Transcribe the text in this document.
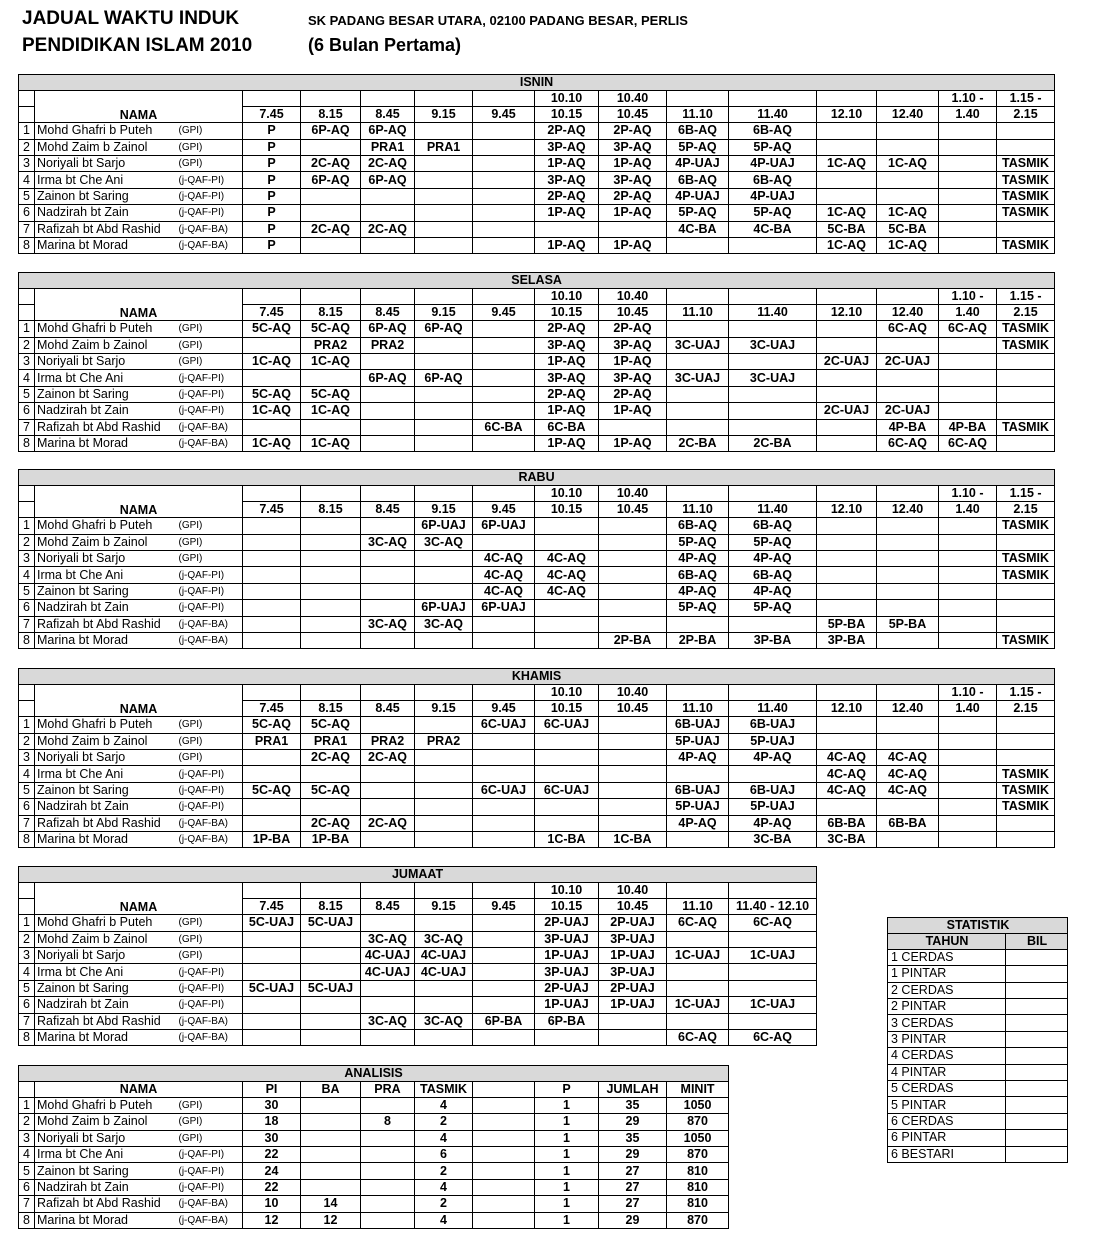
JADUAL WAKTU INDUK
PENDIDIKAN ISLAM 2010
SK PADANG BESAR UTARA, 02100 PADANG BESAR, PERLIS
(6 Bulan Pertama)
ISNIN															
	NAMA							10.10	10.40					1.10 -	1.15 -
			7.45	8.15	8.45	9.15	9.45	10.15	10.45	11.10	11.40	12.10	12.40	1.40	2.15
1	Mohd Ghafri b Puteh	(GPI)	P	6P-AQ	6P-AQ			2P-AQ	2P-AQ	6B-AQ	6B-AQ				
2	Mohd Zaim b Zainol	(GPI)	P		PRA1	PRA1		3P-AQ	3P-AQ	5P-AQ	5P-AQ				
3	Noriyali bt Sarjo	(GPI)	P	2C-AQ	2C-AQ			1P-AQ	1P-AQ	4P-UAJ	4P-UAJ	1C-AQ	1C-AQ		TASMIK
4	Irma bt Che Ani	(j-QAF-PI)	P	6P-AQ	6P-AQ			3P-AQ	3P-AQ	6B-AQ	6B-AQ				TASMIK
5	Zainon bt Saring	(j-QAF-PI)	P					2P-AQ	2P-AQ	4P-UAJ	4P-UAJ				TASMIK
6	Nadzirah bt Zain	(j-QAF-PI)	P					1P-AQ	1P-AQ	5P-AQ	5P-AQ	1C-AQ	1C-AQ		TASMIK
7	Rafizah bt Abd Rashid	(j-QAF-BA)	P	2C-AQ	2C-AQ					4C-BA	4C-BA	5C-BA	5C-BA		
8	Marina bt Morad	(j-QAF-BA)	P					1P-AQ	1P-AQ			1C-AQ	1C-AQ		TASMIK
SELASA															
	NAMA							10.10	10.40					1.10 -	1.15 -
			7.45	8.15	8.45	9.15	9.45	10.15	10.45	11.10	11.40	12.10	12.40	1.40	2.15
1	Mohd Ghafri b Puteh	(GPI)	5C-AQ	5C-AQ	6P-AQ	6P-AQ		2P-AQ	2P-AQ				6C-AQ	6C-AQ	TASMIK
2	Mohd Zaim b Zainol	(GPI)		PRA2	PRA2			3P-AQ	3P-AQ	3C-UAJ	3C-UAJ				TASMIK
3	Noriyali bt Sarjo	(GPI)	1C-AQ	1C-AQ				1P-AQ	1P-AQ			2C-UAJ	2C-UAJ		
4	Irma bt Che Ani	(j-QAF-PI)			6P-AQ	6P-AQ		3P-AQ	3P-AQ	3C-UAJ	3C-UAJ				
5	Zainon bt Saring	(j-QAF-PI)	5C-AQ	5C-AQ				2P-AQ	2P-AQ						
6	Nadzirah bt Zain	(j-QAF-PI)	1C-AQ	1C-AQ				1P-AQ	1P-AQ			2C-UAJ	2C-UAJ		
7	Rafizah bt Abd Rashid	(j-QAF-BA)					6C-BA	6C-BA					4P-BA	4P-BA	TASMIK
8	Marina bt Morad	(j-QAF-BA)	1C-AQ	1C-AQ				1P-AQ	1P-AQ	2C-BA	2C-BA		6C-AQ	6C-AQ	
RABU															
	NAMA							10.10	10.40					1.10 -	1.15 -
			7.45	8.15	8.45	9.15	9.45	10.15	10.45	11.10	11.40	12.10	12.40	1.40	2.15
1	Mohd Ghafri b Puteh	(GPI)				6P-UAJ	6P-UAJ			6B-AQ	6B-AQ				TASMIK
2	Mohd Zaim b Zainol	(GPI)			3C-AQ	3C-AQ				5P-AQ	5P-AQ				
3	Noriyali bt Sarjo	(GPI)					4C-AQ	4C-AQ		4P-AQ	4P-AQ				TASMIK
4	Irma bt Che Ani	(j-QAF-PI)					4C-AQ	4C-AQ		6B-AQ	6B-AQ				TASMIK
5	Zainon bt Saring	(j-QAF-PI)					4C-AQ	4C-AQ		4P-AQ	4P-AQ				
6	Nadzirah bt Zain	(j-QAF-PI)				6P-UAJ	6P-UAJ			5P-AQ	5P-AQ				
7	Rafizah bt Abd Rashid	(j-QAF-BA)			3C-AQ	3C-AQ						5P-BA	5P-BA		
8	Marina bt Morad	(j-QAF-BA)							2P-BA	2P-BA	3P-BA	3P-BA			TASMIK
KHAMIS															
	NAMA							10.10	10.40					1.10 -	1.15 -
			7.45	8.15	8.45	9.15	9.45	10.15	10.45	11.10	11.40	12.10	12.40	1.40	2.15
1	Mohd Ghafri b Puteh	(GPI)	5C-AQ	5C-AQ			6C-UAJ	6C-UAJ		6B-UAJ	6B-UAJ				
2	Mohd Zaim b Zainol	(GPI)	PRA1	PRA1	PRA2	PRA2				5P-UAJ	5P-UAJ				
3	Noriyali bt Sarjo	(GPI)		2C-AQ	2C-AQ					4P-AQ	4P-AQ	4C-AQ	4C-AQ		
4	Irma bt Che Ani	(j-QAF-PI)										4C-AQ	4C-AQ		TASMIK
5	Zainon bt Saring	(j-QAF-PI)	5C-AQ	5C-AQ			6C-UAJ	6C-UAJ		6B-UAJ	6B-UAJ	4C-AQ	4C-AQ		TASMIK
6	Nadzirah bt Zain	(j-QAF-PI)								5P-UAJ	5P-UAJ				TASMIK
7	Rafizah bt Abd Rashid	(j-QAF-BA)		2C-AQ	2C-AQ					4P-AQ	4P-AQ	6B-BA	6B-BA		
8	Marina bt Morad	(j-QAF-BA)	1P-BA	1P-BA				1C-BA	1C-BA		3C-BA	3C-BA			
JUMAAT											
	NAMA							10.10	10.40		
			7.45	8.15	8.45	9.15	9.45	10.15	10.45	11.10	11.40 - 12.10
1	Mohd Ghafri b Puteh	(GPI)	5C-UAJ	5C-UAJ				2P-UAJ	2P-UAJ	6C-AQ	6C-AQ
2	Mohd Zaim b Zainol	(GPI)			3C-AQ	3C-AQ		3P-UAJ	3P-UAJ		
3	Noriyali bt Sarjo	(GPI)			4C-UAJ	4C-UAJ		1P-UAJ	1P-UAJ	1C-UAJ	1C-UAJ
4	Irma bt Che Ani	(j-QAF-PI)			4C-UAJ	4C-UAJ		3P-UAJ	3P-UAJ		
5	Zainon bt Saring	(j-QAF-PI)	5C-UAJ	5C-UAJ				2P-UAJ	2P-UAJ		
6	Nadzirah bt Zain	(j-QAF-PI)						1P-UAJ	1P-UAJ	1C-UAJ	1C-UAJ
7	Rafizah bt Abd Rashid	(j-QAF-BA)			3C-AQ	3C-AQ	6P-BA	6P-BA			
8	Marina bt Morad	(j-QAF-BA)								6C-AQ	6C-AQ
ANALISIS										
	NAMA		PI	BA	PRA	TASMIK		P	JUMLAH	MINIT
1	Mohd Ghafri b Puteh	(GPI)	30			4		1	35	1050
2	Mohd Zaim b Zainol	(GPI)	18		8	2		1	29	870
3	Noriyali bt Sarjo	(GPI)	30			4		1	35	1050
4	Irma bt Che Ani	(j-QAF-PI)	22			6		1	29	870
5	Zainon bt Saring	(j-QAF-PI)	24			2		1	27	810
6	Nadzirah bt Zain	(j-QAF-PI)	22			4		1	27	810
7	Rafizah bt Abd Rashid	(j-QAF-BA)	10	14		2		1	27	810
8	Marina bt Morad	(j-QAF-BA)	12	12		4		1	29	870
STATISTIK	
TAHUN	BIL
1 CERDAS	
1 PINTAR	
2 CERDAS	
2 PINTAR	
3 CERDAS	
3 PINTAR	
4 CERDAS	
4 PINTAR	
5 CERDAS	
5 PINTAR	
6 CERDAS	
6 PINTAR	
6 BESTARI	
